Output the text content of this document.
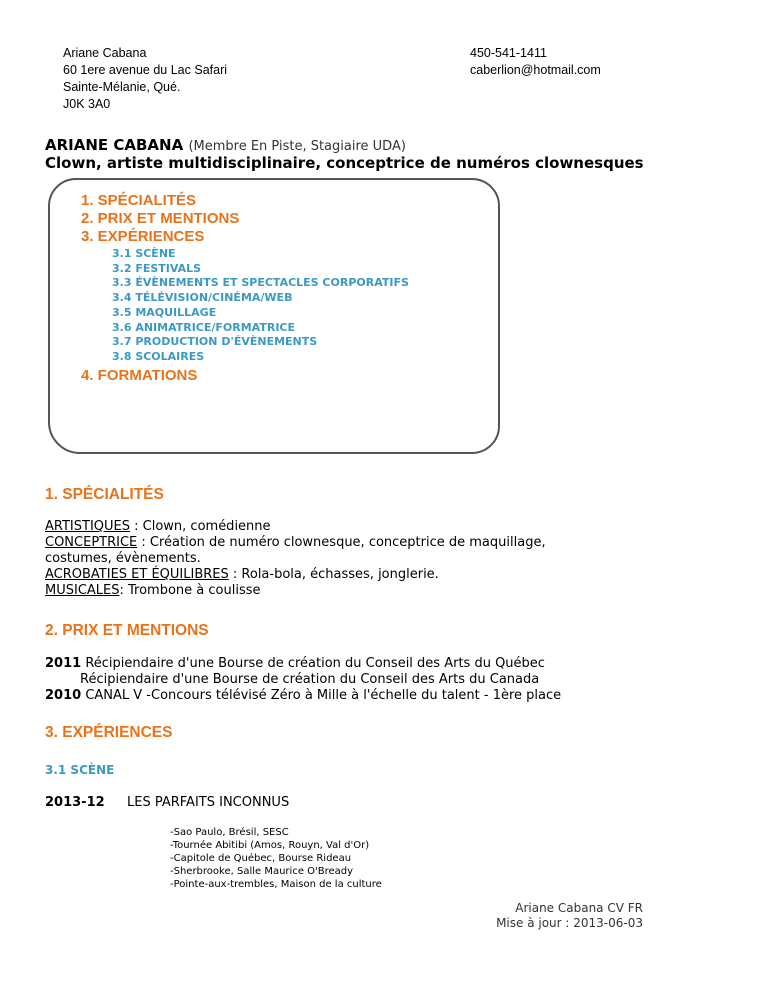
Ariane Cabana
60 1ere avenue du Lac Safari
Sainte-Mélanie, Qué.
J0K 3A0
450-541-1411
caberlion@hotmail.com
ARIANE CABANA (Membre En Piste, Stagiaire UDA)
Clown, artiste multidisciplinaire, conceptrice de numéros clownesques
1. SPÉCIALITÉS
2. PRIX ET MENTIONS
3. EXPÉRIENCES
3.1 SCÈNE
3.2 FESTIVALS
3.3 ÉVÈNEMENTS ET SPECTACLES CORPORATIFS
3.4 TÉLÉVISION/CINÉMA/WEB
3.5 MAQUILLAGE
3.6 ANIMATRICE/FORMATRICE
3.7 PRODUCTION D'ÉVÈNEMENTS
3.8 SCOLAIRES
4. FORMATIONS
1. SPÉCIALITÉS
ARTISTIQUES : Clown, comédienne
CONCEPTRICE : Création de numéro clownesque, conceptrice de maquillage,
costumes, évènements.
ACROBATIES ET ÉQUILIBRES : Rola-bola, échasses, jonglerie.
MUSICALES: Trombone à coulisse
2. PRIX ET MENTIONS
2011 Récipiendaire d'une Bourse de création du Conseil des Arts du Québec
Récipiendaire d'une Bourse de création du Conseil des Arts du Canada
2010 CANAL V -Concours télévisé Zéro à Mille à l'échelle du talent - 1ère place
3. EXPÉRIENCES
3.1 SCÈNE
2013-12 LES PARFAITS INCONNUS
-Sao Paulo, Brésil, SESC
-Tournée Abitibi (Amos, Rouyn, Val d'Or)
-Capitole de Québec, Bourse Rideau
-Sherbrooke, Salle Maurice O'Bready
-Pointe-aux-trembles, Maison de la culture
Ariane Cabana CV FR
Mise à jour : 2013-06-03
